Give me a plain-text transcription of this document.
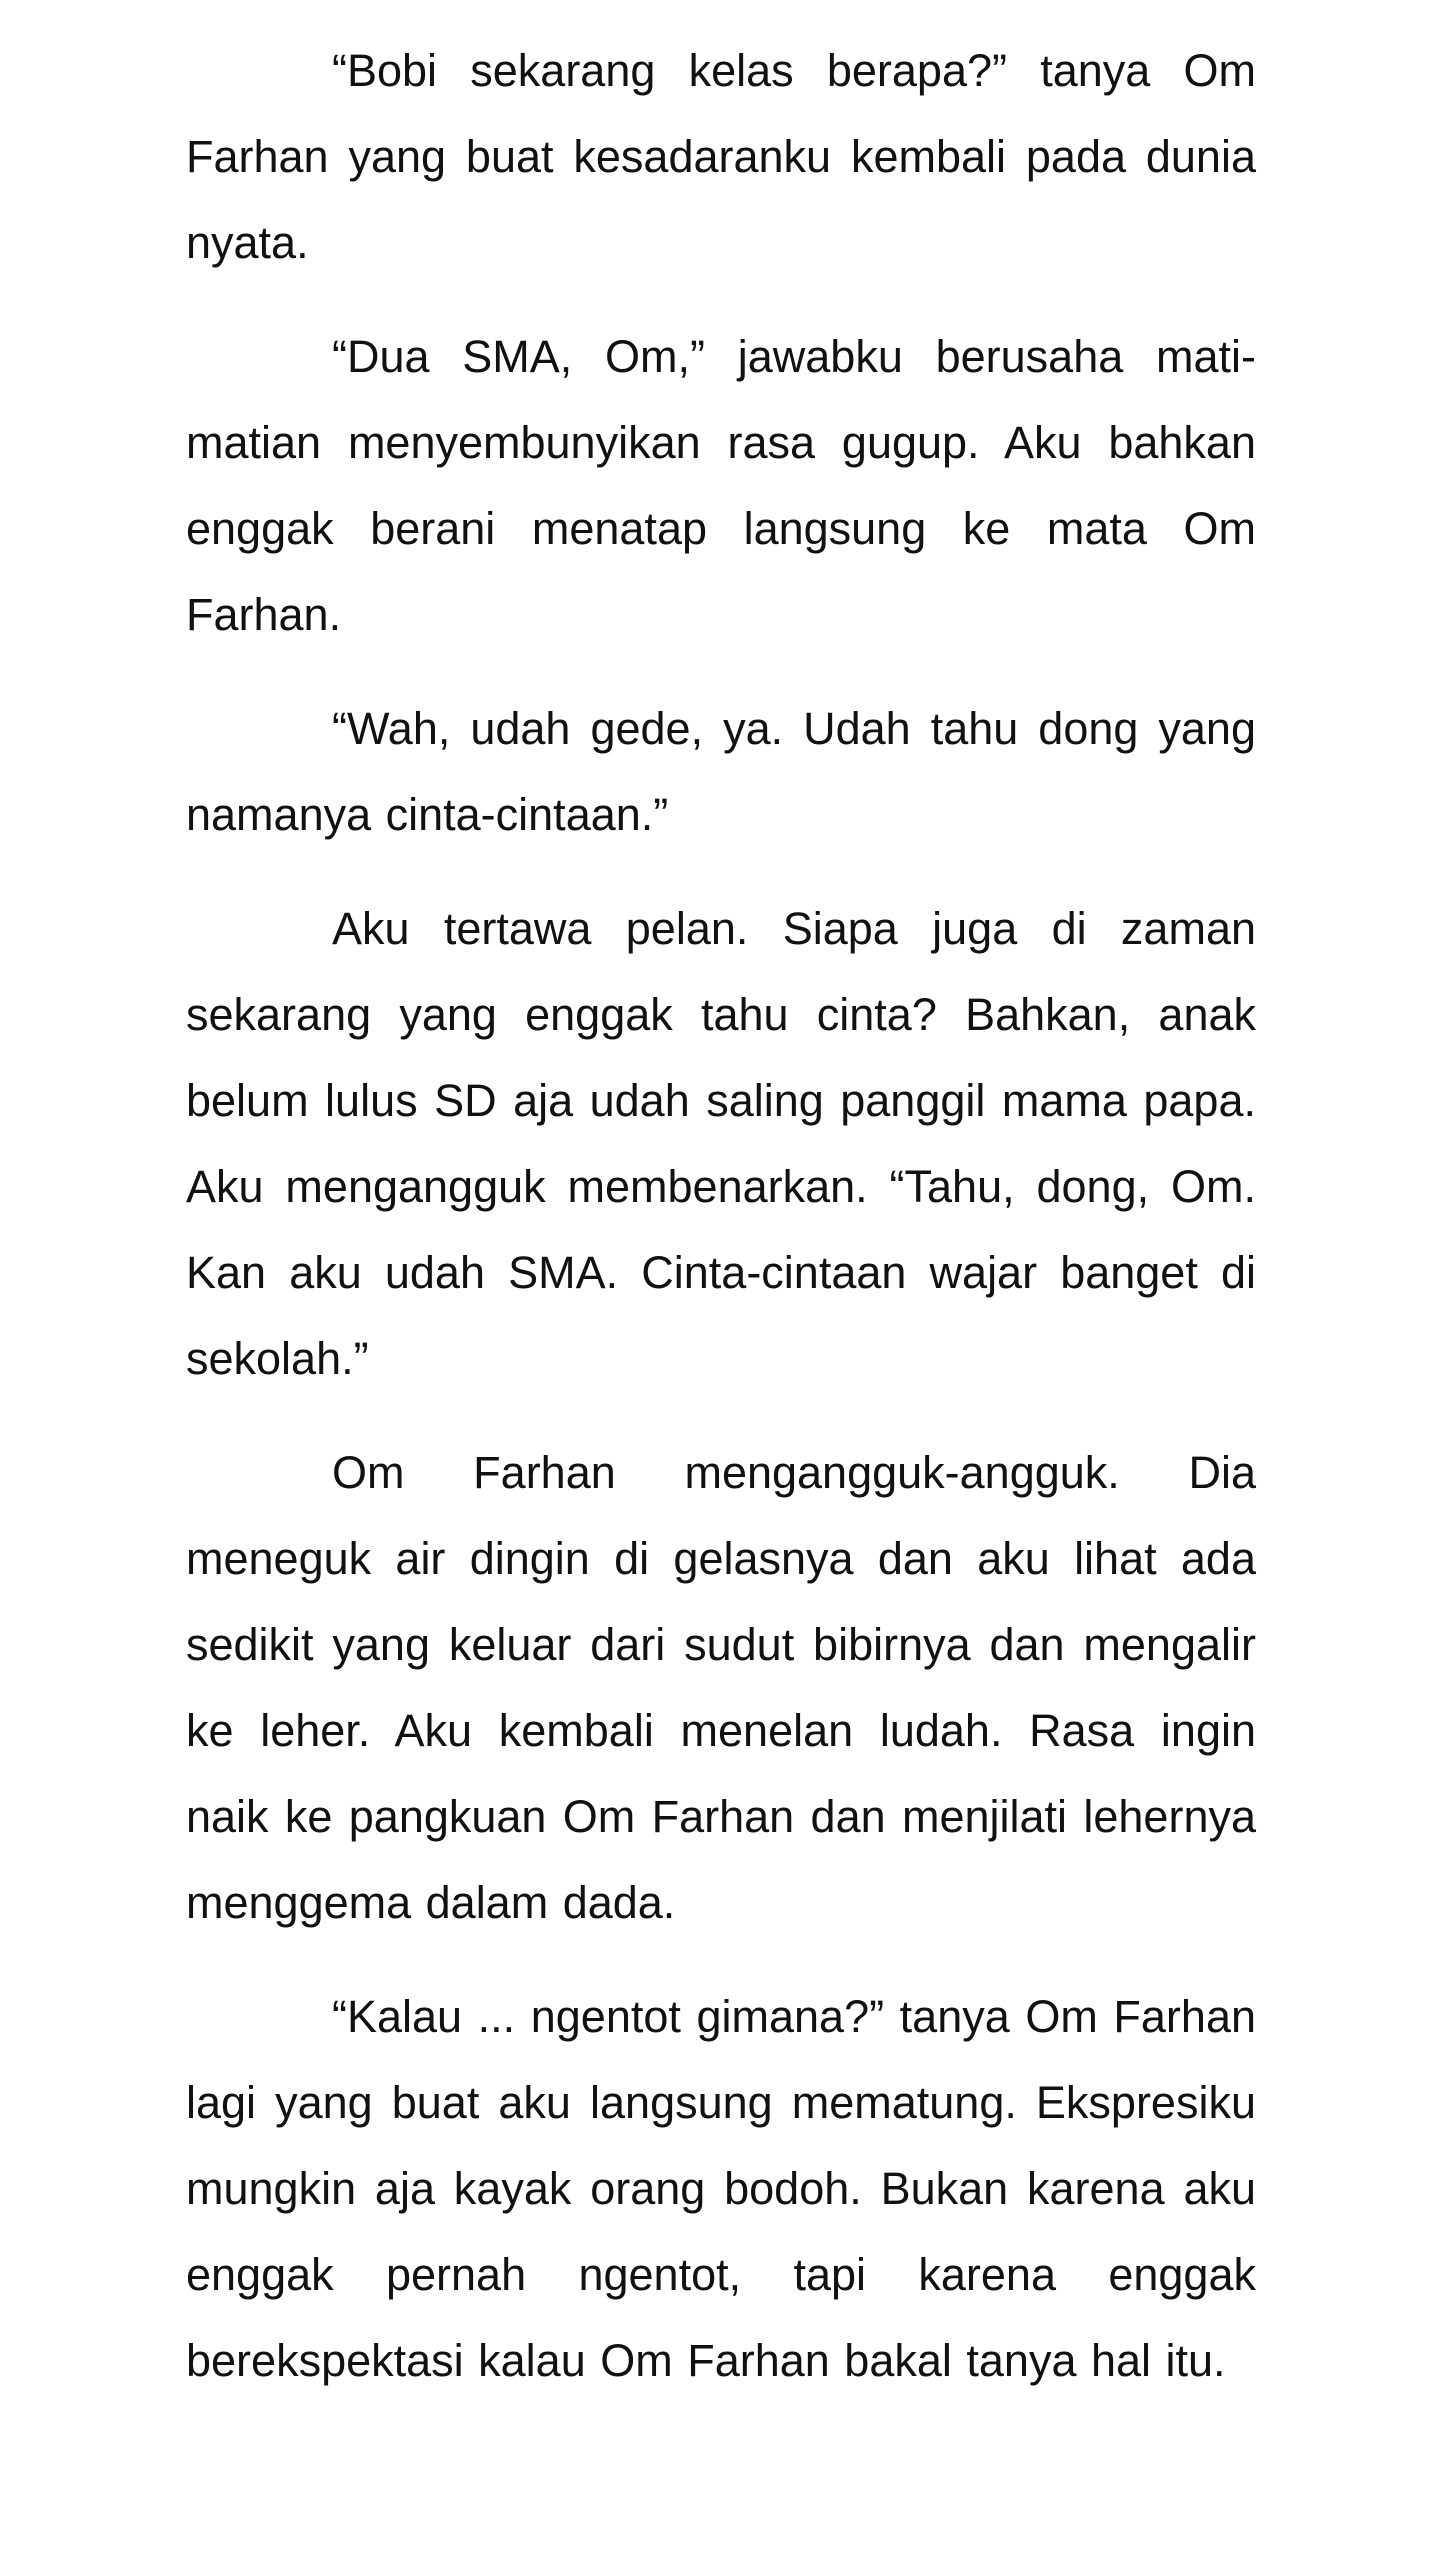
“Bobi sekarang kelas berapa?” tanya Om Farhan yang buat kesadaranku kembali pada dunia nyata.

“Dua SMA, Om,” jawabku berusaha mati-matian menyembunyikan rasa gugup. Aku bahkan enggak berani menatap langsung ke mata Om Farhan.

“Wah, udah gede, ya. Udah tahu dong yang namanya cinta-cintaan.”

Aku tertawa pelan. Siapa juga di zaman sekarang yang enggak tahu cinta? Bahkan, anak belum lulus SD aja udah saling panggil mama papa. Aku mengangguk membenarkan. “Tahu, dong, Om. Kan aku udah SMA. Cinta-cintaan wajar banget di sekolah.”

Om Farhan mengangguk-angguk. Dia meneguk air dingin di gelasnya dan aku lihat ada sedikit yang keluar dari sudut bibirnya dan mengalir ke leher. Aku kembali menelan ludah. Rasa ingin naik ke pangkuan Om Farhan dan menjilati lehernya menggema dalam dada.

“Kalau ... ngentot gimana?” tanya Om Farhan lagi yang buat aku langsung mematung. Ekspresiku mungkin aja kayak orang bodoh. Bukan karena aku enggak pernah ngentot, tapi karena enggak berekspektasi kalau Om Farhan bakal tanya hal itu.
